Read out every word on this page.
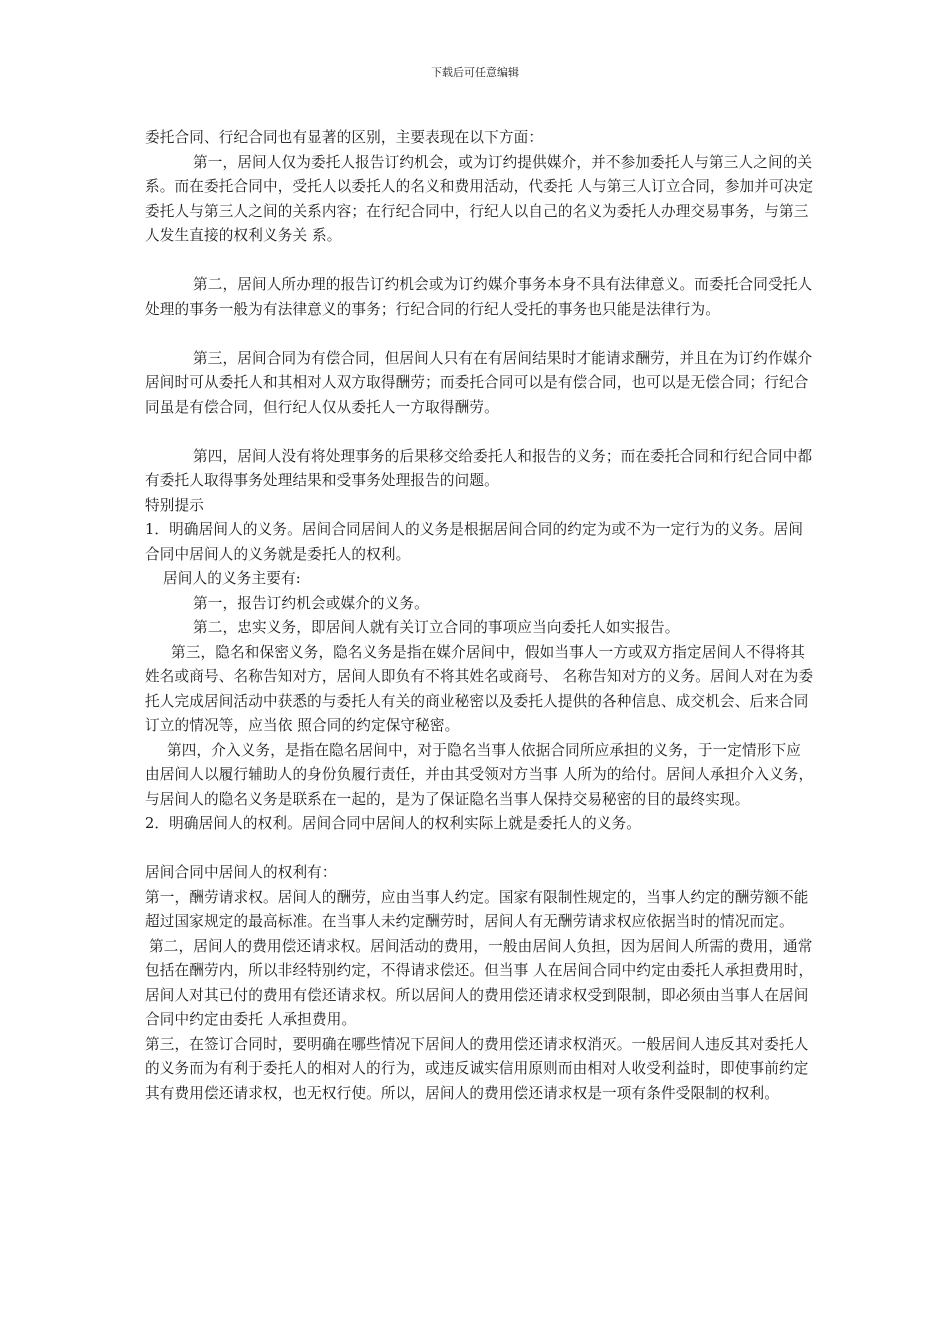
下载后可任意编辑

委托合同、行纪合同也有显著的区别，主要表现在以下方面：

第一，居间人仅为委托人报告订约机会，或为订约提供媒介，并不参加委托人与第三人之间的关系。而在委托合同中，受托人以委托人的名义和费用活动，代委托 人与第三人订立合同，参加并可决定委托人与第三人之间的关系内容；在行纪合同中，行纪人以自己的名义为委托人办理交易事务，与第三人发生直接的权利义务关 系。

第二，居间人所办理的报告订约机会或为订约媒介事务本身不具有法律意义。而委托合同受托人处理的事务一般为有法律意义的事务；行纪合同的行纪人受托的事务也只能是法律行为。

第三，居间合同为有偿合同，但居间人只有在有居间结果时才能请求酬劳，并且在为订约作媒介居间时可从委托人和其相对人双方取得酬劳；而委托合同可以是有偿合同，也可以是无偿合同；行纪合同虽是有偿合同，但行纪人仅从委托人一方取得酬劳。

第四，居间人没有将处理事务的后果移交给委托人和报告的义务；而在委托合同和行纪合同中都有委托人取得事务处理结果和受事务处理报告的问题。

特别提示

1．明确居间人的义务。居间合同居间人的义务是根据居间合同的约定为或不为一定行为的义务。居间合同中居间人的义务就是委托人的权利。

居间人的义务主要有:

第一，报告订约机会或媒介的义务。

第二，忠实义务，即居间人就有关订立合同的事项应当向委托人如实报告。

第三，隐名和保密义务，隐名义务是指在媒介居间中，假如当事人一方或双方指定居间人不得将其姓名或商号、名称告知对方，居间人即负有不将其姓名或商号、 名称告知对方的义务。居间人对在为委托人完成居间活动中获悉的与委托人有关的商业秘密以及委托人提供的各种信息、成交机会、后来合同订立的情况等，应当依 照合同的约定保守秘密。

第四，介入义务，是指在隐名居间中，对于隐名当事人依据合同所应承担的义务，于一定情形下应由居间人以履行辅助人的身份负履行责任，并由其受领对方当事 人所为的给付。居间人承担介入义务，与居间人的隐名义务是联系在一起的，是为了保证隐名当事人保持交易秘密的目的最终实现。

2．明确居间人的权利。居间合同中居间人的权利实际上就是委托人的义务。

居间合同中居间人的权利有：

第一，酬劳请求权。居间人的酬劳，应由当事人约定。国家有限制性规定的，当事人约定的酬劳额不能超过国家规定的最高标准。在当事人未约定酬劳时，居间人有无酬劳请求权应依据当时的情况而定。

第二，居间人的费用偿还请求权。居间活动的费用，一般由居间人负担，因为居间人所需的费用，通常包括在酬劳内，所以非经特别约定，不得请求偿还。但当事 人在居间合同中约定由委托人承担费用时，居间人对其已付的费用有偿还请求权。所以居间人的费用偿还请求权受到限制，即必须由当事人在居间合同中约定由委托 人承担费用。

第三，在签订合同时，要明确在哪些情况下居间人的费用偿还请求权消灭。一般居间人违反其对委托人的义务而为有利于委托人的相对人的行为，或违反诚实信用原则而由相对人收受利益时，即使事前约定其有费用偿还请求权，也无权行使。所以，居间人的费用偿还请求权是一项有条件受限制的权利。
